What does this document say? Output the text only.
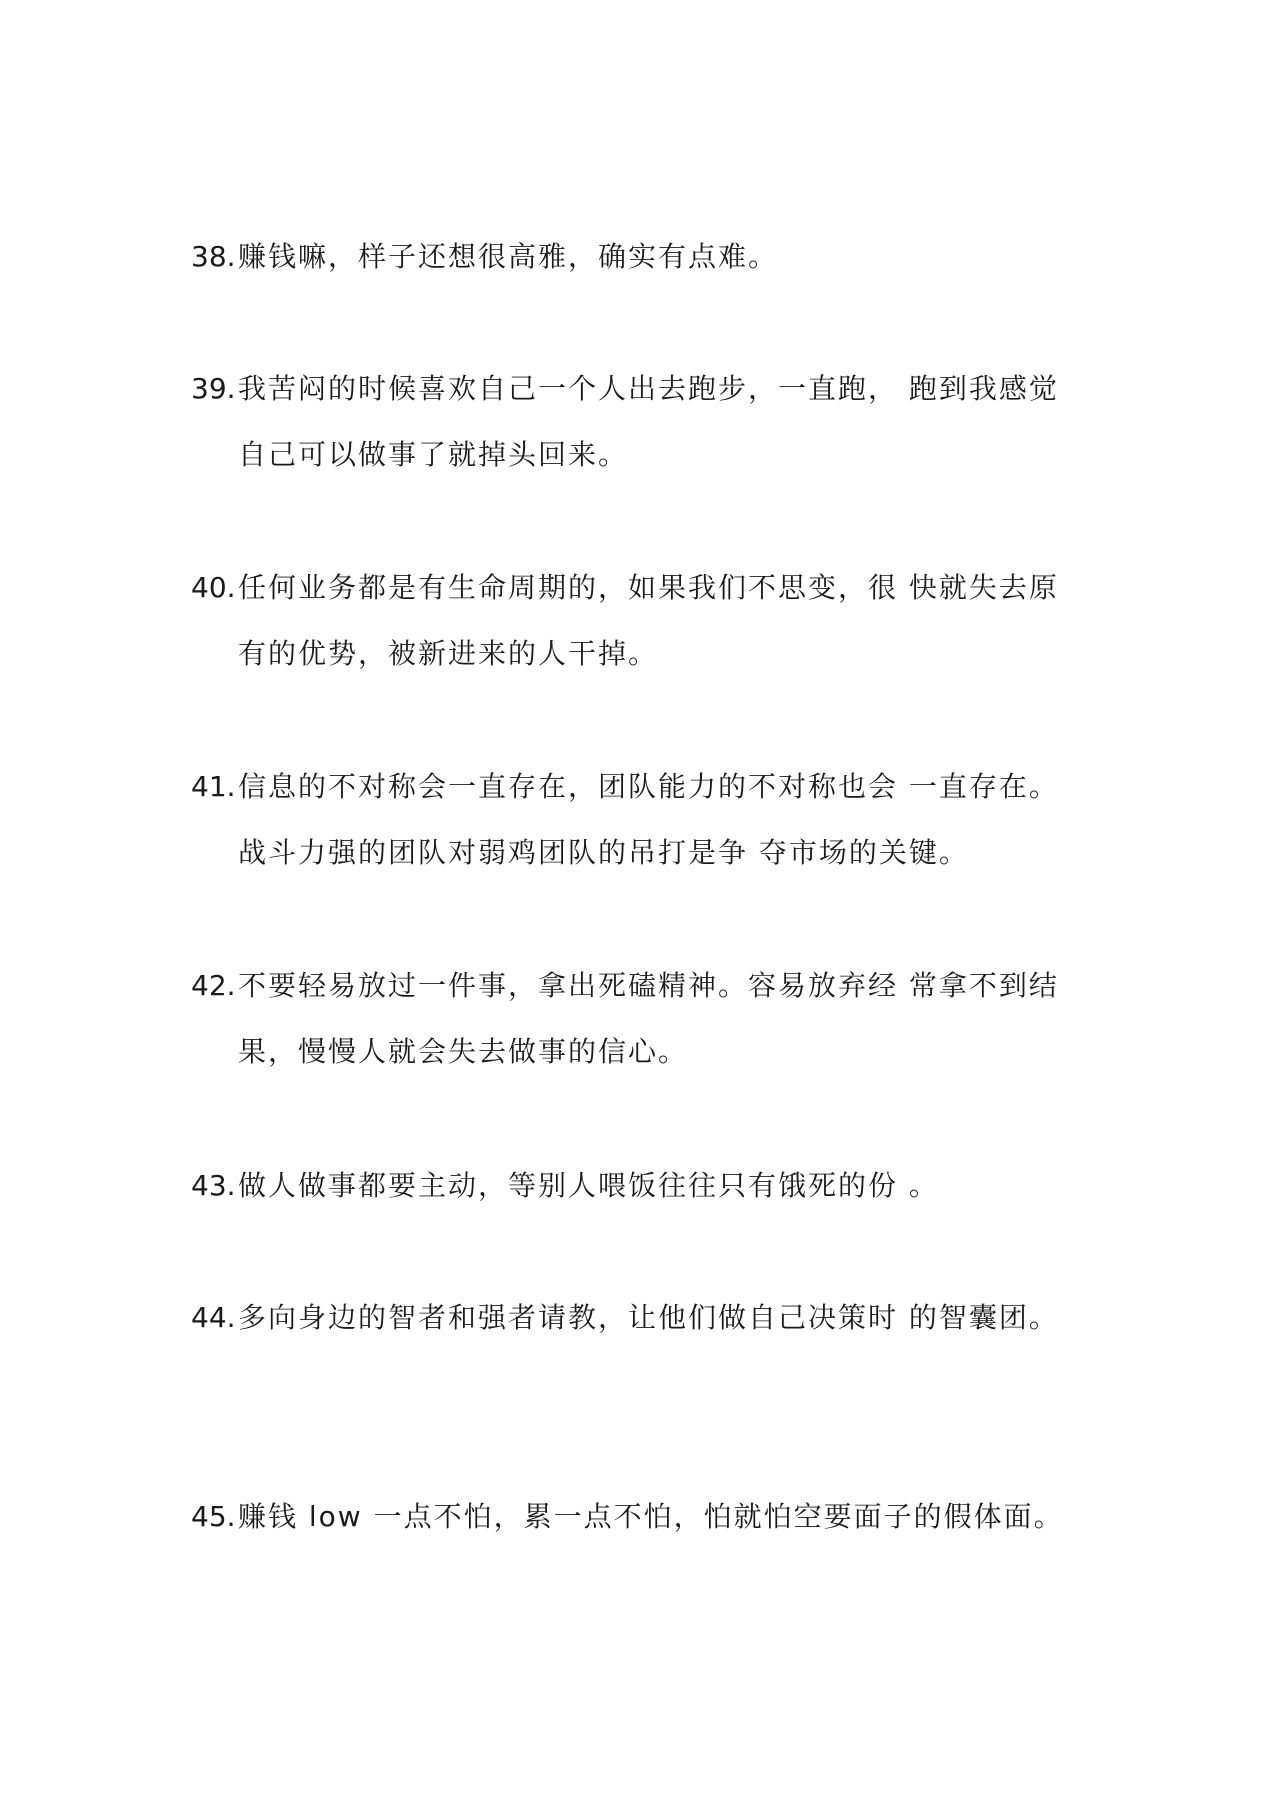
38. 赚钱嘛，样子还想很高雅，确实有点难。
39. 我苦闷的时候喜欢自己一个人出去跑步，一直跑， 跑到我感觉自己可以做事了就掉头回来。
40. 任何业务都是有生命周期的，如果我们不思变，很 快就失去原有的优势，被新进来的人干掉。
41. 信息的不对称会一直存在，团队能力的不对称也会 一直存在。战斗力强的团队对弱鸡团队的吊打是争 夺市场的关键。
42. 不要轻易放过一件事，拿出死磕精神。容易放弃经 常拿不到结果，慢慢人就会失去做事的信心。
43. 做人做事都要主动，等别人喂饭往往只有饿死的份 。
44. 多向身边的智者和强者请教，让他们做自己决策时 的智囊团。
45. 赚钱 low 一点不怕，累一点不怕，怕就怕空要面子的假体面。
